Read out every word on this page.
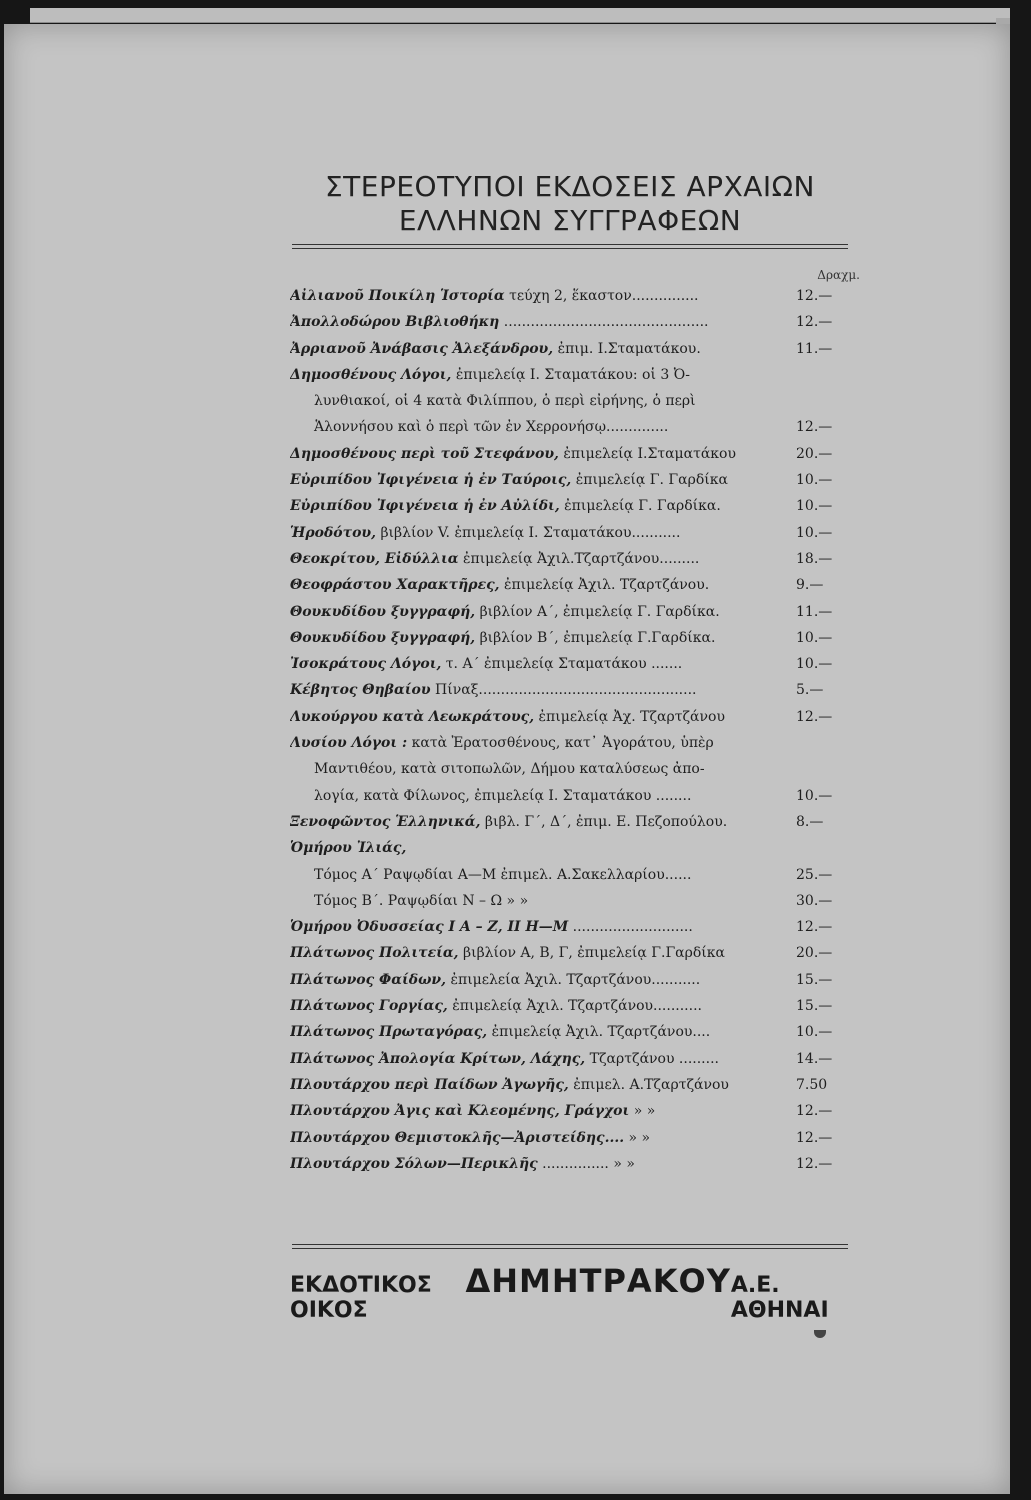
ΣΤΕΡΕΟΤΥΠΟΙ ΕΚΔΟΣΕΙΣ ΑΡΧΑΙΩΝ
ΕΛΛΗΝΩΝ ΣΥΓΓΡΑΦΕΩΝ
Δραχμ.
Αἰλιανοῦ Ποικίλη Ἱστορία τεύχη 2, ἕκαστον...............	12.—
Ἀπολλοδώρου Βιβλιοθήκη ..............................................	12.—
Ἀρριανοῦ Ἀνάβασις Ἀλεξάνδρου, ἐπιμ. Ι.Σταματάκου.	11.—
Δημοσθένους Λόγοι, ἐπιμελείᾳ Ι. Σταματάκου: οἱ 3 Ὀ-
λυνθιακοί, οἱ 4 κατὰ Φιλίππου, ὁ περὶ εἰρήνης, ὁ περὶ
Ἁλοννήσου καὶ ὁ περὶ τῶν ἐν Χερρονήσῳ..............	12.—
Δημοσθένους περὶ τοῦ Στεφάνου, ἐπιμελείᾳ Ι.Σταματάκου	20.—
Εὐριπίδου Ἰφιγένεια ἡ ἐν Ταύροις, ἐπιμελείᾳ Γ. Γαρδίκα	10.—
Εὐριπίδου Ἰφιγένεια ἡ ἐν Αὐλίδι, ἐπιμελείᾳ Γ. Γαρδίκα.	10.—
Ἡροδότου, βιβλίον V. ἐπιμελείᾳ Ι. Σταματάκου...........	10.—
Θεοκρίτου, Εἰδύλλια ἐπιμελείᾳ Ἀχιλ.Τζαρτζάνου.........	18.—
Θεοφράστου Χαρακτῆρες, ἐπιμελείᾳ Ἀχιλ. Τζαρτζάνου.	9.—
Θουκυδίδου ξυγγραφή, βιβλίον Α΄, ἐπιμελείᾳ Γ. Γαρδίκα.	11.—
Θουκυδίδου ξυγγραφή, βιβλίον Β΄, ἐπιμελείᾳ Γ.Γαρδίκα.	10.—
Ἰσοκράτους Λόγοι, τ. Α΄ ἐπιμελείᾳ Σταματάκου .......	10.—
Κέβητος Θηβαίου Πίναξ.................................................	5.—
Λυκούργου κατὰ Λεωκράτους, ἐπιμελείᾳ Ἀχ. Τζαρτζάνου	12.—
Λυσίου Λόγοι : κατὰ Ἐρατοσθένους, κατ᾽ Ἀγοράτου, ὑπὲρ
Μαντιθέου, κατὰ σιτοπωλῶν, Δήμου καταλύσεως ἀπο-
λογία, κατὰ Φίλωνος, ἐπιμελείᾳ Ι. Σταματάκου ........	10.—
Ξενοφῶντος Ἑλληνικά, βιβλ. Γ΄, Δ΄, ἐπιμ. Ε. Πεζοπούλου.	8.—
Ὁμήρου Ἰλιάς,
Τόμος Α΄ Ραψῳδίαι Α—Μ ἐπιμελ. Α.Σακελλαρίου......	25.—
Τόμος Β΄. Ραψῳδίαι Ν – Ω » »	30.—
Ὁμήρου Ὀδυσσείας Ι Α – Ζ, ΙΙ Η—Μ ...........................	12.—
Πλάτωνος Πολιτεία, βιβλίον Α, Β, Γ, ἐπιμελείᾳ Γ.Γαρδίκα	20.—
Πλάτωνος Φαίδων, ἐπιμελεία Ἀχιλ. Τζαρτζάνου...........	15.—
Πλάτωνος Γοργίας, ἐπιμελείᾳ Ἀχιλ. Τζαρτζάνου...........	15.—
Πλάτωνος Πρωταγόρας, ἐπιμελείᾳ Ἀχιλ. Τζαρτζάνου....	10.—
Πλάτωνος Ἀπολογία Κρίτων, Λάχης, Τζαρτζάνου .........	14.—
Πλουτάρχου περὶ Παίδων Ἀγωγῆς, ἐπιμελ. Α.Τζαρτζάνου	7.50
Πλουτάρχου Ἆγις καὶ Κλεομένης, Γράγχοι » »	12.—
Πλουτάρχου Θεμιστοκλῆς—Ἀριστείδης.... » »	12.—
Πλουτάρχου Σόλων—Περικλῆς ............... » »	12.—
ΕΚΔΟΤΙΚΟΣ ΟΙΚΟΣ
ΔΗΜΗΤΡΑΚΟΥ Α.Ε. ΑΘΗΝΑΙ
